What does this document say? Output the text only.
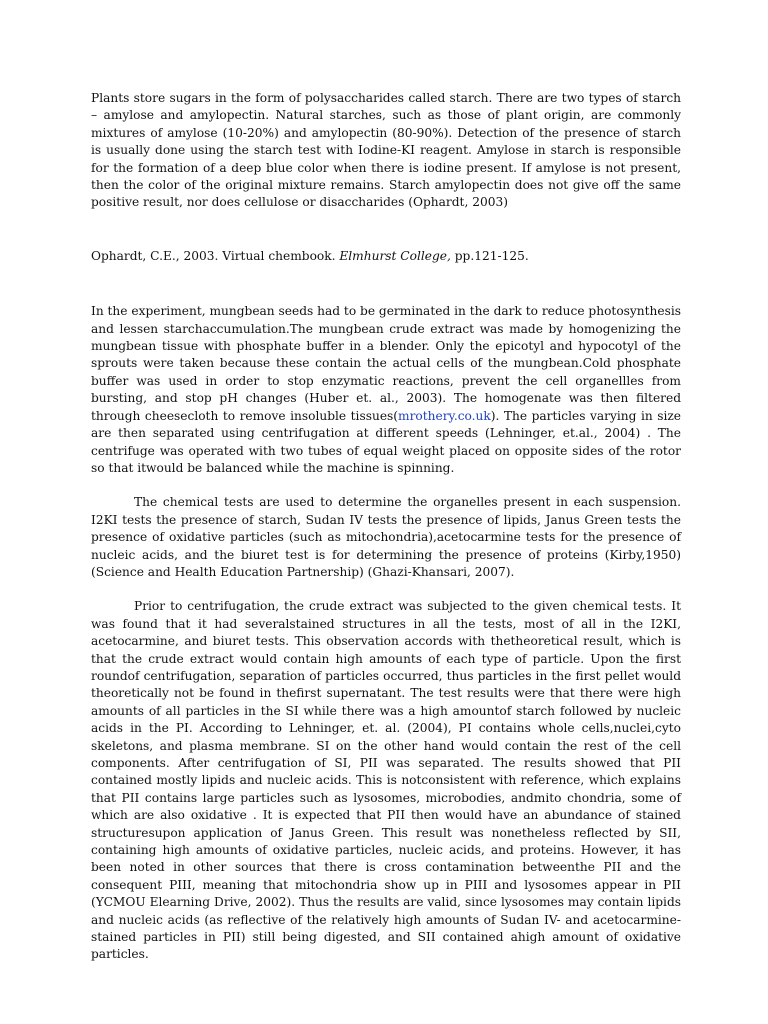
Plants store sugars in the form of polysaccharides called starch. There are two types of starch – amylose and amylopectin. Natural starches, such as those of plant origin, are commonly mixtures of amylose (10-20%) and amylopectin (80-90%). Detection of the presence of starch is usually done using the starch test with Iodine-KI reagent. Amylose in starch is responsible for the formation of a deep blue color when there is iodine present. If amylose is not present, then the color of the original mixture remains. Starch amylopectin does not give off the same positive result, nor does cellulose or disaccharides (Ophardt, 2003)

Ophardt, C.E., 2003. Virtual chembook. Elmhurst College, pp.121-125.

In the experiment, mungbean seeds had to be germinated in the dark to reduce photosynthesis and lessen starchaccumulation.The mungbean crude extract was made by homogenizing the mungbean tissue with phosphate buffer in a blender. Only the epicotyl and hypocotyl of the sprouts were taken because these contain the actual cells of the mungbean.Cold phosphate buffer was used in order to stop enzymatic reactions, prevent the cell organellles from bursting, and stop pH changes (Huber et. al., 2003). The homogenate was then filtered through cheesecloth to remove insoluble tissues(mrothery.co.uk). The particles varying in size are then separated using centrifugation at different speeds (Lehninger, et.al., 2004) . The centrifuge was operated with two tubes of equal weight placed on opposite sides of the rotor so that itwould be balanced while the machine is spinning.

The chemical tests are used to determine the organelles present in each suspension. I2KI tests the presence of starch, Sudan IV tests the presence of lipids, Janus Green tests the presence of oxidative particles (such as mitochondria),acetocarmine tests for the presence of nucleic acids, and the biuret test is for determining the presence of proteins (Kirby,1950) (Science and Health Education Partnership) (Ghazi-Khansari, 2007).

Prior to centrifugation, the crude extract was subjected to the given chemical tests. It was found that it had severalstained structures in all the tests, most of all in the I2KI, acetocarmine, and biuret tests. This observation accords with thetheoretical result, which is that the crude extract would contain high amounts of each type of particle. Upon the first roundof centrifugation, separation of particles occurred, thus particles in the first pellet would theoretically not be found in thefirst supernatant. The test results were that there were high amounts of all particles in the SI while there was a high amountof starch followed by nucleic acids in the PI. According to Lehninger, et. al. (2004), PI contains whole cells,nuclei,cyto skeletons, and plasma membrane. SI on the other hand would contain the rest of the cell components. After centrifugation of SI, PII was separated. The results showed that PII contained mostly lipids and nucleic acids. This is notconsistent with reference, which explains that PII contains large particles such as lysosomes, microbodies, andmito chondria, some of which are also oxidative . It is expected that PII then would have an abundance of stained structuresupon application of Janus Green. This result was nonetheless reflected by SII, containing high amounts of oxidative particles, nucleic acids, and proteins. However, it has been noted in other sources that there is cross contamination betweenthe PII and the consequent PIII, meaning that mitochondria show up in PIII and lysosomes appear in PII (YCMOU Elearning Drive, 2002). Thus the results are valid, since lysosomes may contain lipids and nucleic acids (as reflective of the relatively high amounts of Sudan IV- and acetocarmine-stained particles in PII) still being digested, and SII contained ahigh amount of oxidative particles.
